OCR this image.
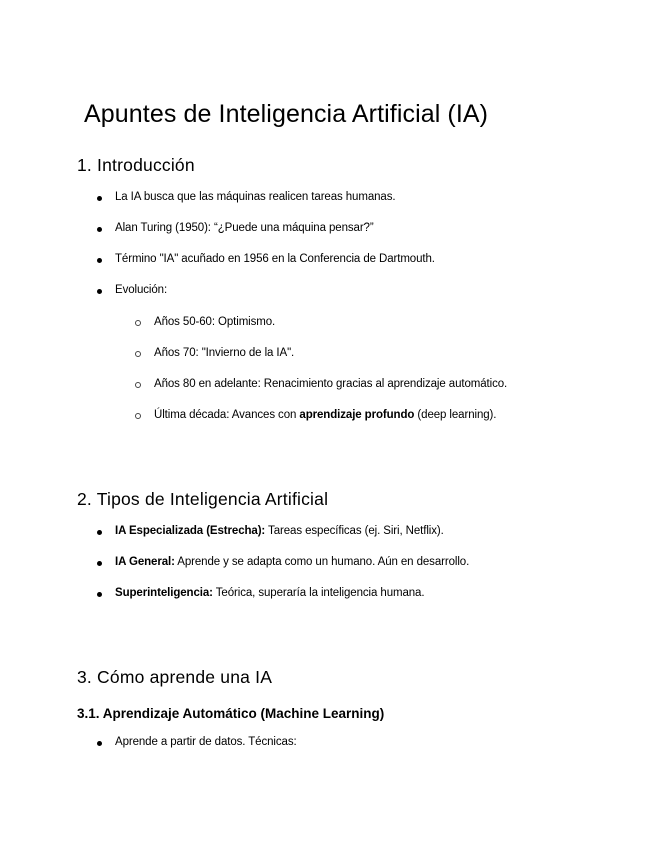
Apuntes de Inteligencia Artificial (IA)
1. Introducción
La IA busca que las máquinas realicen tareas humanas.
Alan Turing (1950): “¿Puede una máquina pensar?”
Término "IA" acuñado en 1956 en la Conferencia de Dartmouth.
Evolución:
Años 50-60: Optimismo.
Años 70: "Invierno de la IA".
Años 80 en adelante: Renacimiento gracias al aprendizaje automático.
Última década: Avances con aprendizaje profundo (deep learning).
2. Tipos de Inteligencia Artificial
IA Especializada (Estrecha): Tareas específicas (ej. Siri, Netflix).
IA General: Aprende y se adapta como un humano. Aún en desarrollo.
Superinteligencia: Teórica, superaría la inteligencia humana.
3. Cómo aprende una IA
3.1. Aprendizaje Automático (Machine Learning)
Aprende a partir de datos. Técnicas:
